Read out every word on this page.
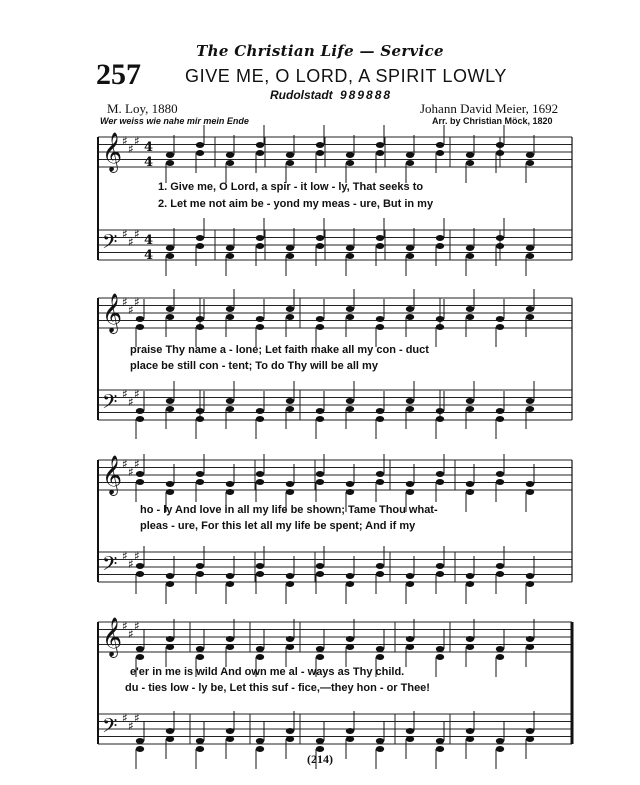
The Christian Life — Service
257 GIVE ME, O LORD, A SPIRIT LOWLY
Rudolstadt 989888
M. Loy, 1880
Wer weiss wie nahe mir mein Ende
Johann David Meier, 1692
Arr. by Christian Möck, 1820
𝄞 ♯
♯
♯ 4
4
𝄢 ♯
♯
♯ 4
4
𝄞 ♯
♯
♯
𝄢 ♯
♯
♯
𝄞 ♯
♯
♯
𝄢 ♯
♯
♯
𝄞 ♯
♯
♯
𝄢 ♯
♯
♯
1. Give me, O Lord, a spir - it low - ly, That seeks to
2. Let me not aim be - yond my meas - ure, But in my
praise Thy name a - lone; Let faith make all my con - duct
place be still con - tent; To do Thy will be all my
ho - ly And love in all my life be shown; Tame Thou what-
pleas - ure, For this let all my life be spent; And if my
e'er in me is wild And own me al - ways as Thy child.
du - ties low - ly be, Let this suf - fice,—they hon - or Thee!
(214)
